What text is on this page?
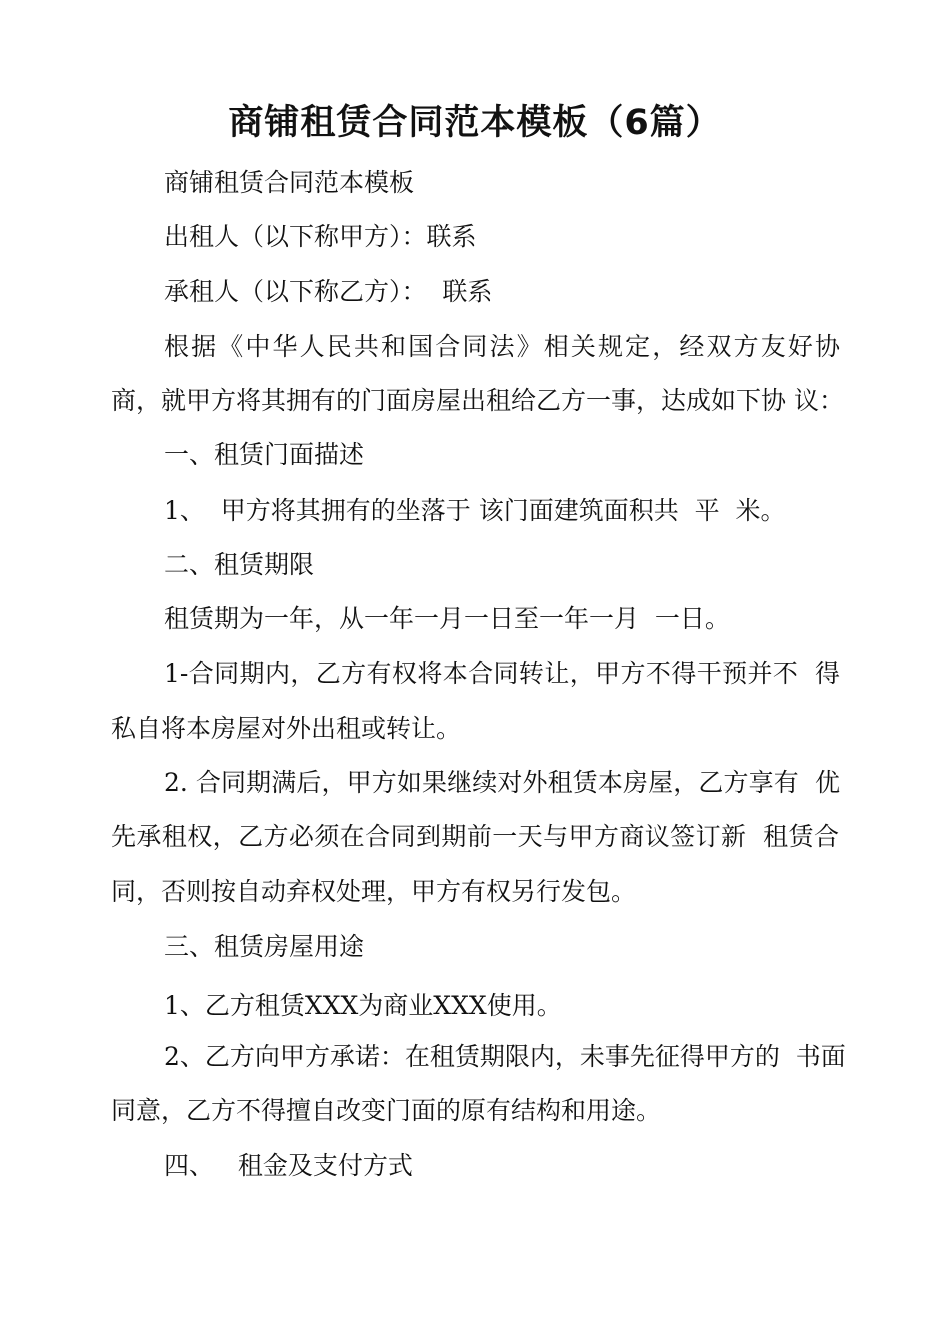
商铺租赁合同范本模板（6篇）

商铺租赁合同范本模板

出租人（以下称甲方）：联系

承租人（以下称乙方）：  联系

根据《中华人民共和国合同法》相关规定，经双方友好协

商，就甲方将其拥有的门面房屋出租给乙方一事，达成如下协 议：

一、租赁门面描述

1、  甲方将其拥有的坐落于 该门面建筑面积共  平  米。

二、租赁期限

租赁期为一年，从一年一月一日至一年一月  一日。

1-合同期内，乙方有权将本合同转让，甲方不得干预并不  得

私自将本房屋对外出租或转让。

2. 合同期满后，甲方如果继续对外租赁本房屋，乙方享有  优

先承租权，乙方必须在合同到期前一天与甲方商议签订新  租赁合

同，否则按自动弃权处理，甲方有权另行发包。

三、租赁房屋用途

1、乙方租赁XXX为商业XXX使用。

2、乙方向甲方承诺：在租赁期限内，未事先征得甲方的  书面

同意，乙方不得擅自改变门面的原有结构和用途。

四、   租金及支付方式
